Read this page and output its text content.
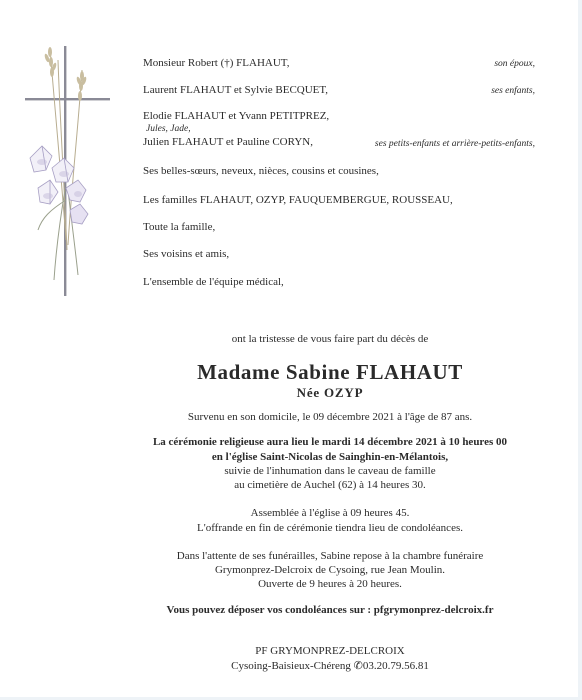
Monsieur Robert (†) FLAHAUT,	son époux,
Laurent FLAHAUT et Sylvie BECQUET,	ses enfants,
Elodie FLAHAUT et Yvann PETITPREZ,
Jules, Jade,
Julien FLAHAUT et Pauline CORYN,	ses petits-enfants et arrière-petits-enfants,
Ses belles-sœurs, neveux, nièces, cousins et cousines,
Les familles FLAHAUT, OZYP, FAUQUEMBERGUE, ROUSSEAU,
Toute la famille,
Ses voisins et amis,
L'ensemble de l'équipe médical,
ont la tristesse de vous faire part du décès de
Madame Sabine FLAHAUT
Née OZYP
Survenu en son domicile, le 09 décembre 2021 à l'âge de 87 ans.
La cérémonie religieuse aura lieu le mardi 14 décembre 2021 à 10 heures 00
en l'église Saint-Nicolas de Sainghin-en-Mélantois,
suivie de l'inhumation dans le caveau de famille
au cimetière de Auchel (62) à 14 heures 30.
Assemblée à l'église à 09 heures 45.
L'offrande en fin de cérémonie tiendra lieu de condoléances.
Dans l'attente de ses funérailles, Sabine repose à la chambre funéraire
Grymonprez-Delcroix de Cysoing, rue Jean Moulin.
Ouverte de 9 heures à 20 heures.
Vous pouvez déposer vos condoléances sur : pfgrymonprez-delcroix.fr
PF GRYMONPREZ-DELCROIX
Cysoing-Baisieux-Chéreng ✆03.20.79.56.81
